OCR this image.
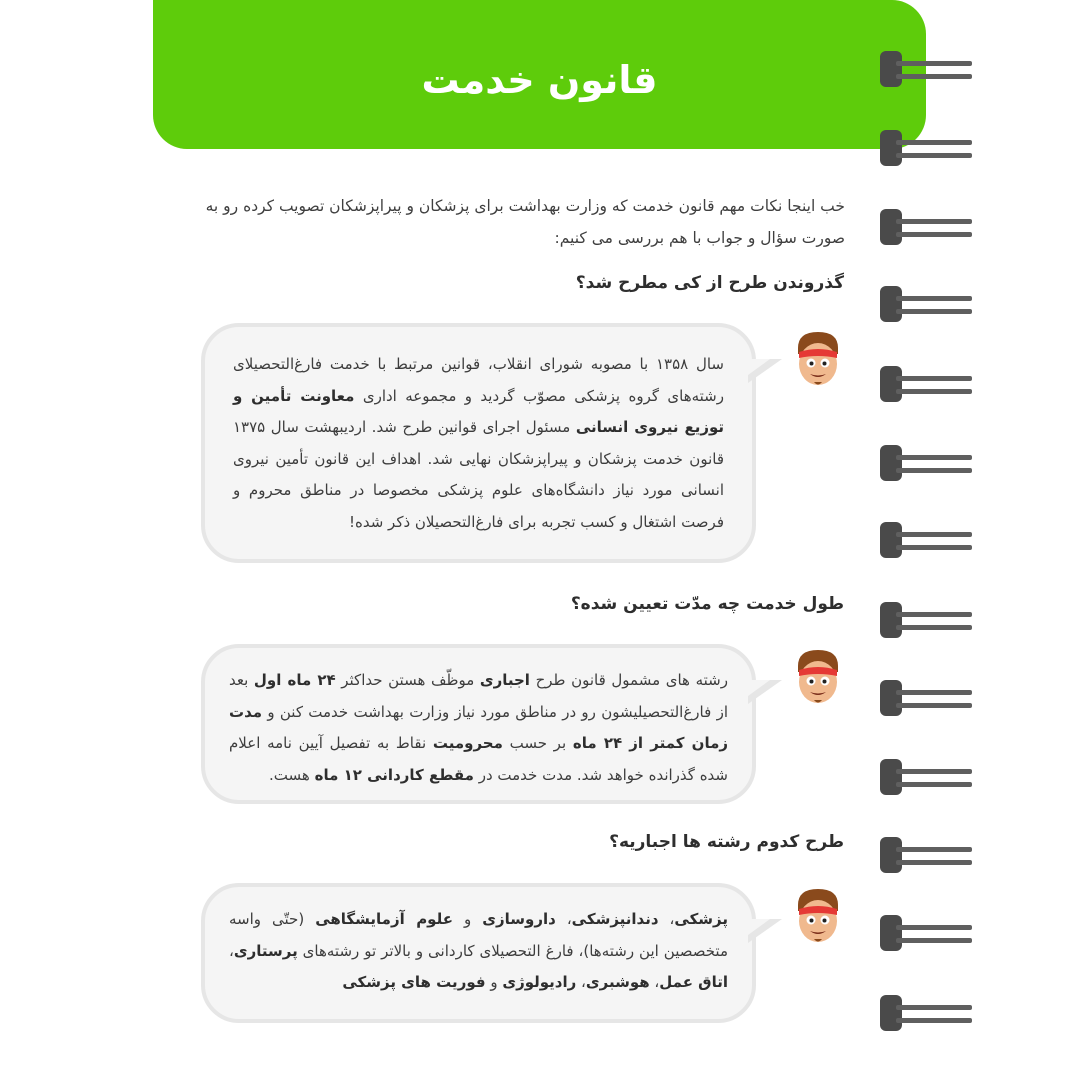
قانون خدمت
خب اینجا نکات مهم قانون خدمت که وزارت بهداشت برای پزشکان و پیراپزشکان تصویب کرده رو به صورت سؤال و جواب با هم بررسی می کنیم:
گذروندن طرح از کی مطرح شد؟
سال ۱۳۵۸ با مصوبه شورای انقلاب، قوانین مرتبط با خدمت فارغ‌التحصیلای رشته‌های گروه پزشکی مصوّب گردید و مجموعه اداری معاونت تأمین و توزیع نیروی انسانی مسئول اجرای قوانین طرح شد. اردیبهشت سال ۱۳۷۵ قانون خدمت پزشکان و پیراپزشکان نهایی شد. اهداف این قانون تأمین نیروی انسانی مورد نیاز دانشگاه‌های علوم پزشکی مخصوصا در مناطق محروم و فرصت اشتغال و کسب تجربه برای فارغ‌التحصیلان ذکر شده!
طول خدمت چه مدّت تعیین شده؟
رشته های مشمول قانون طرح اجباری موظّف هستن حداکثر ۲۴ ماه اول بعد از فارغ‌التحصیلیشون رو در مناطق مورد نیاز وزارت بهداشت خدمت کنن و مدت زمان کمتر از ۲۴ ماه بر حسب محرومیت نقاط به تفصیل آیین نامه اعلام شده گذرانده خواهد شد. مدت خدمت در مقطع کاردانی ۱۲ ماه هست.
طرح کدوم رشته ها اجباریه؟
پزشکی، دندانپزشکی، داروسازی و علوم آزمایشگاهی (حتّی واسه متخصصین این رشته‌ها)، فارغ التحصیلای کاردانی و بالاتر تو رشته‌های پرستاری، اتاق عمل، هوشبری، رادیولوژی و فوریت های پزشکی
